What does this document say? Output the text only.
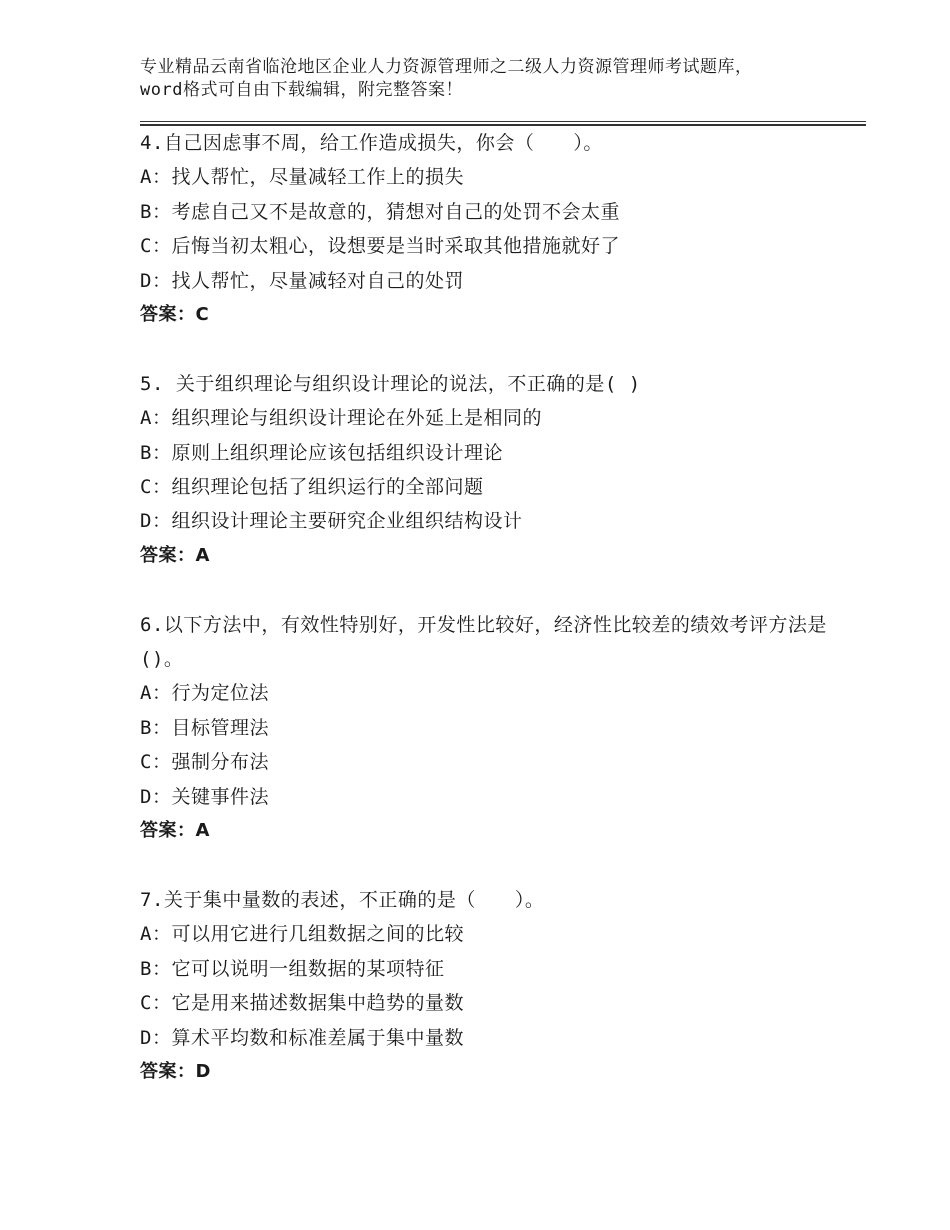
专业精品云南省临沧地区企业人力资源管理师之二级人力资源管理师考试题库，word格式可自由下载编辑，附完整答案！

4.自己因虑事不周，给工作造成损失，你会（　　）。

A：找人帮忙，尽量减轻工作上的损失

B：考虑自己又不是故意的，猜想对自己的处罚不会太重

C：后悔当初太粗心，设想要是当时采取其他措施就好了

D：找人帮忙，尽量减轻对自己的处罚

答案：C

5. 关于组织理论与组织设计理论的说法，不正确的是( )

A：组织理论与组织设计理论在外延上是相同的

B：原则上组织理论应该包括组织设计理论

C：组织理论包括了组织运行的全部问题

D：组织设计理论主要研究企业组织结构设计

答案：A

6.以下方法中，有效性特别好，开发性比较好，经济性比较差的绩效考评方法是()。

A：行为定位法

B：目标管理法

C：强制分布法

D：关键事件法

答案：A

7.关于集中量数的表述，不正确的是（　　）。

A：可以用它进行几组数据之间的比较

B：它可以说明一组数据的某项特征

C：它是用来描述数据集中趋势的量数

D：算术平均数和标准差属于集中量数

答案：D
